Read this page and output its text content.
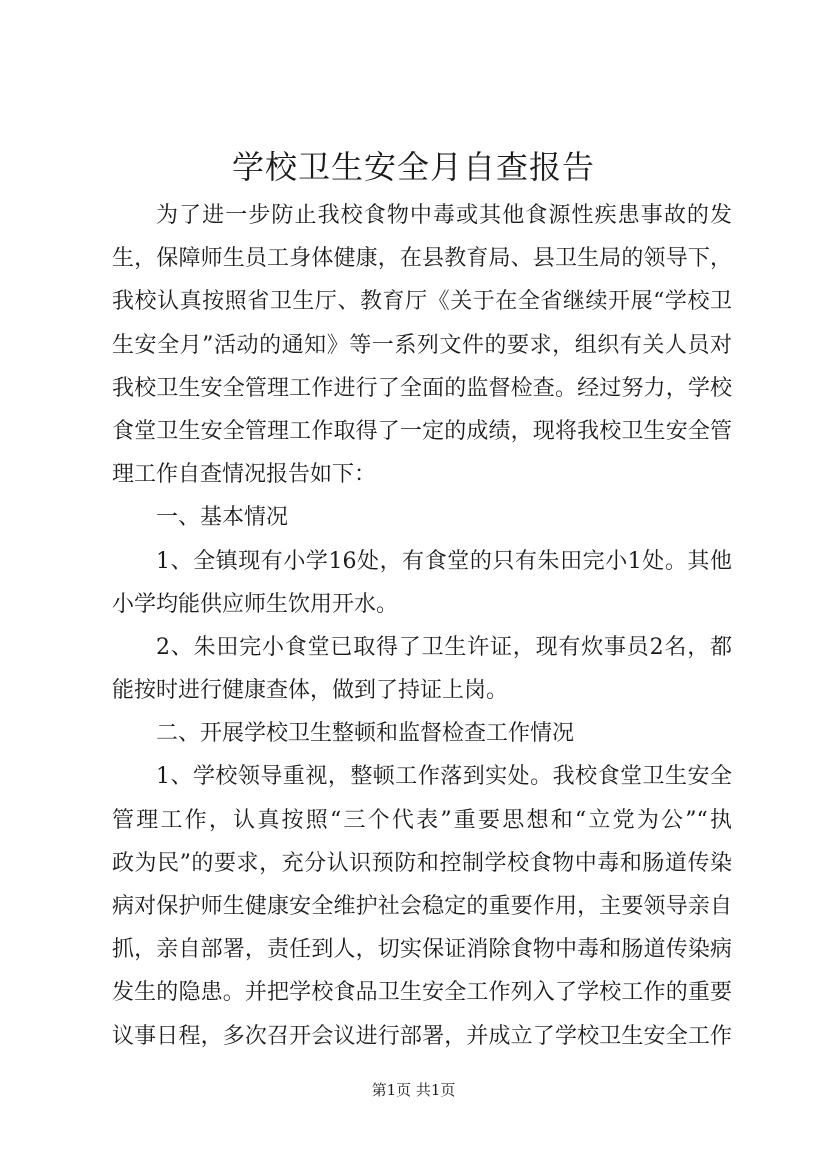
学校卫生安全月自查报告
为了进一步防止我校食物中毒或其他食源性疾患事故的发
生，保障师生员工身体健康，在县教育局、县卫生局的领导下，
我校认真按照省卫生厅、教育厅《关于在全省继续开展“学校卫
生安全月”活动的通知》等一系列文件的要求，组织有关人员对
我校卫生安全管理工作进行了全面的监督检查。经过努力，学校
食堂卫生安全管理工作取得了一定的成绩，现将我校卫生安全管
理工作自查情况报告如下：
一、基本情况
1、全镇现有小学16处，有食堂的只有朱田完小1处。其他
小学均能供应师生饮用开水。
2、朱田完小食堂已取得了卫生许证，现有炊事员2名，都
能按时进行健康查体，做到了持证上岗。
二、开展学校卫生整顿和监督检查工作情况
1、学校领导重视，整顿工作落到实处。我校食堂卫生安全
管理工作，认真按照“三个代表”重要思想和“立党为公”“执
政为民”的要求，充分认识预防和控制学校食物中毒和肠道传染
病对保护师生健康安全维护社会稳定的重要作用，主要领导亲自
抓，亲自部署，责任到人，切实保证消除食物中毒和肠道传染病
发生的隐患。并把学校食品卫生安全工作列入了学校工作的重要
议事日程，多次召开会议进行部署，并成立了学校卫生安全工作
第1页 共1页
